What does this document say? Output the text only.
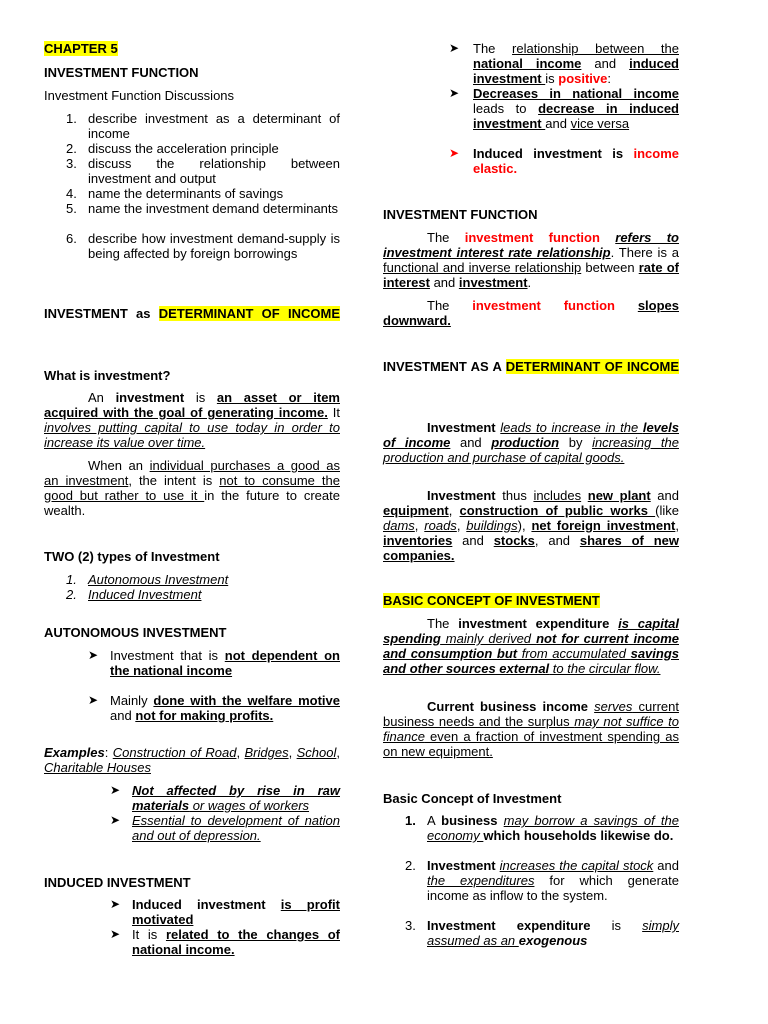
CHAPTER 5
INVESTMENT FUNCTION
Investment Function Discussions
1. describe investment as a determinant of income
2. discuss the acceleration principle
3. discuss the relationship between investment and output
4. name the determinants of savings
5. name the investment demand determinants
6. describe how investment demand-supply is being affected by foreign borrowings
INVESTMENT as DETERMINANT OF INCOME
What is investment?
An investment is an asset or item acquired with the goal of generating income. It involves putting capital to use today in order to increase its value over time.
When an individual purchases a good as an investment, the intent is not to consume the good but rather to use it in the future to create wealth.
TWO (2) types of Investment
1. Autonomous Investment
2. Induced Investment
AUTONOMOUS INVESTMENT
➤ Investment that is not dependent on the national income
➤ Mainly done with the welfare motive and not for making profits.
Examples: Construction of Road, Bridges, School, Charitable Houses
➤ Not affected by rise in raw materials or wages of workers
➤ Essential to development of nation and out of depression.
INDUCED INVESTMENT
➤ Induced investment is profit motivated
➤ It is related to the changes of national income.
➤	The relationship between the national income and induced investment is positive:
➤	Decreases in national income leads to decrease in induced investment and vice versa
➤	Induced investment is income elastic.
INVESTMENT FUNCTION
The investment function refers to investment interest rate relationship. There is a functional and inverse relationship between rate of interest and investment.
The investment function slopes downward.
INVESTMENT AS A DETERMINANT OF INCOME
Investment leads to increase in the levels of income and production by increasing the production and purchase of capital goods.
Investment thus includes new plant and equipment, construction of public works (like dams, roads, buildings), net foreign investment, inventories and stocks, and shares of new companies.
BASIC CONCEPT OF INVESTMENT
The investment expenditure is capital spending mainly derived not for current income and consumption but from accumulated savings and other sources external to the circular flow.
Current business income serves current business needs and the surplus may not suffice to finance even a fraction of investment spending as on new equipment.
Basic Concept of Investment
1. A business may borrow a savings of the economy which households likewise do.
2. Investment increases the capital stock and the expenditures for which generate income as inflow to the system.
3. Investment expenditure is simply assumed as an exogenous
